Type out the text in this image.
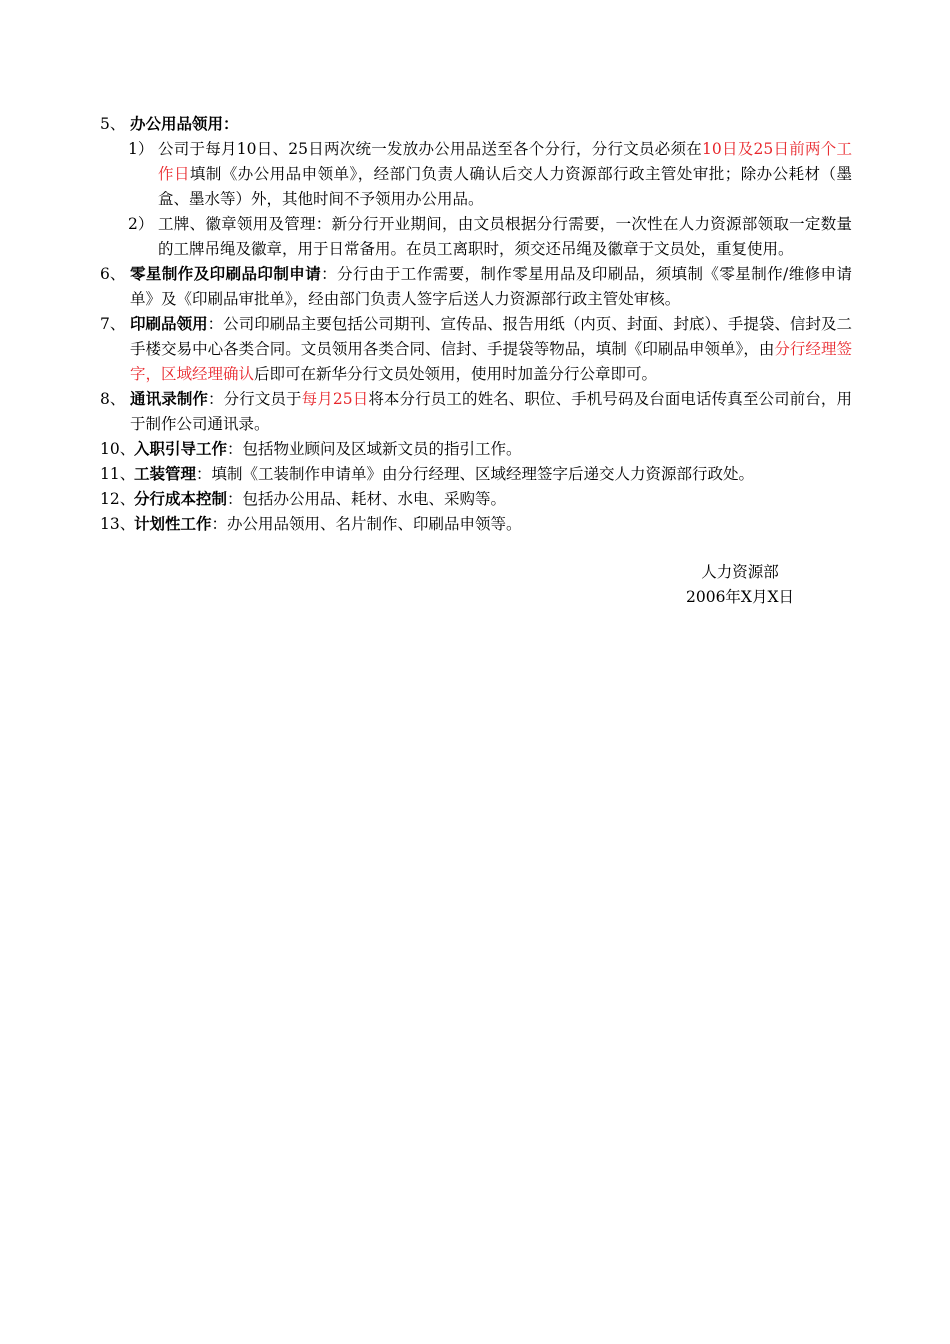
5、 办公用品领用：
1） 公司于每月10日、25日两次统一发放办公用品送至各个分行，分行文员必须在10日及25日前两个工作日填制《办公用品申领单》，经部门负责人确认后交人力资源部行政主管处审批；除办公耗材（墨盒、墨水等）外，其他时间不予领用办公用品。
2） 工牌、徽章领用及管理：新分行开业期间，由文员根据分行需要，一次性在人力资源部领取一定数量的工牌吊绳及徽章，用于日常备用。在员工离职时，须交还吊绳及徽章于文员处，重复使用。
6、 零星制作及印刷品印制申请：分行由于工作需要，制作零星用品及印刷品，须填制《零星制作/维修申请单》及《印刷品审批单》，经由部门负责人签字后送人力资源部行政主管处审核。
7、 印刷品领用：公司印刷品主要包括公司期刊、宣传品、报告用纸（内页、封面、封底）、手提袋、信封及二手楼交易中心各类合同。文员领用各类合同、信封、手提袋等物品，填制《印刷品申领单》，由分行经理签字，区域经理确认后即可在新华分行文员处领用，使用时加盖分行公章即可。
8、 通讯录制作：分行文员于每月25日将本分行员工的姓名、职位、手机号码及台面电话传真至公司前台，用于制作公司通讯录。
10、
入职引导工作：包括物业顾问及区域新文员的指引工作。
11、
工装管理：填制《工装制作申请单》由分行经理、区域经理签字后递交人力资源部行政处。
12、
分行成本控制：包括办公用品、耗材、水电、采购等。
13、
计划性工作：办公用品领用、名片制作、印刷品申领等。
人力资源部
2006年X月X日
